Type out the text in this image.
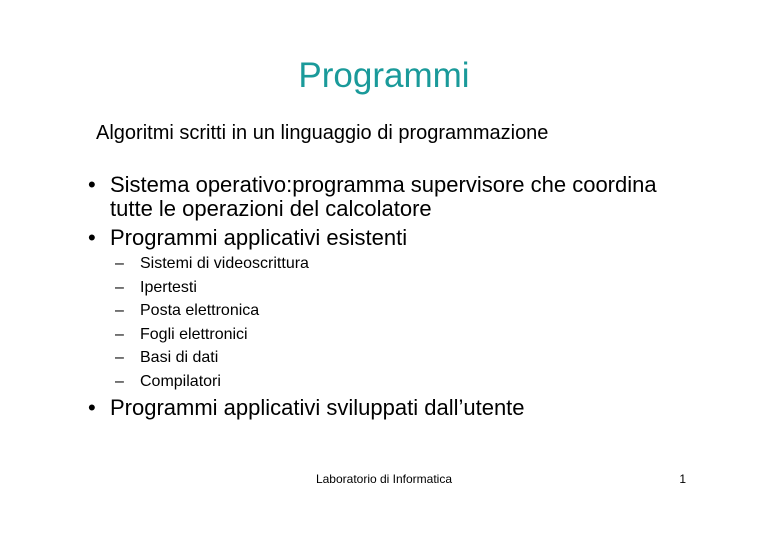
Programmi
Algoritmi scritti in un linguaggio di programmazione
• Sistema operativo:programma supervisore che coordina
tutte le operazioni del calcolatore
• Programmi applicativi esistenti
– Sistemi di videoscrittura
– Ipertesti
– Posta elettronica
– Fogli elettronici
– Basi di dati
– Compilatori
• Programmi applicativi sviluppati dall’utente
Laboratorio di Informatica	1
